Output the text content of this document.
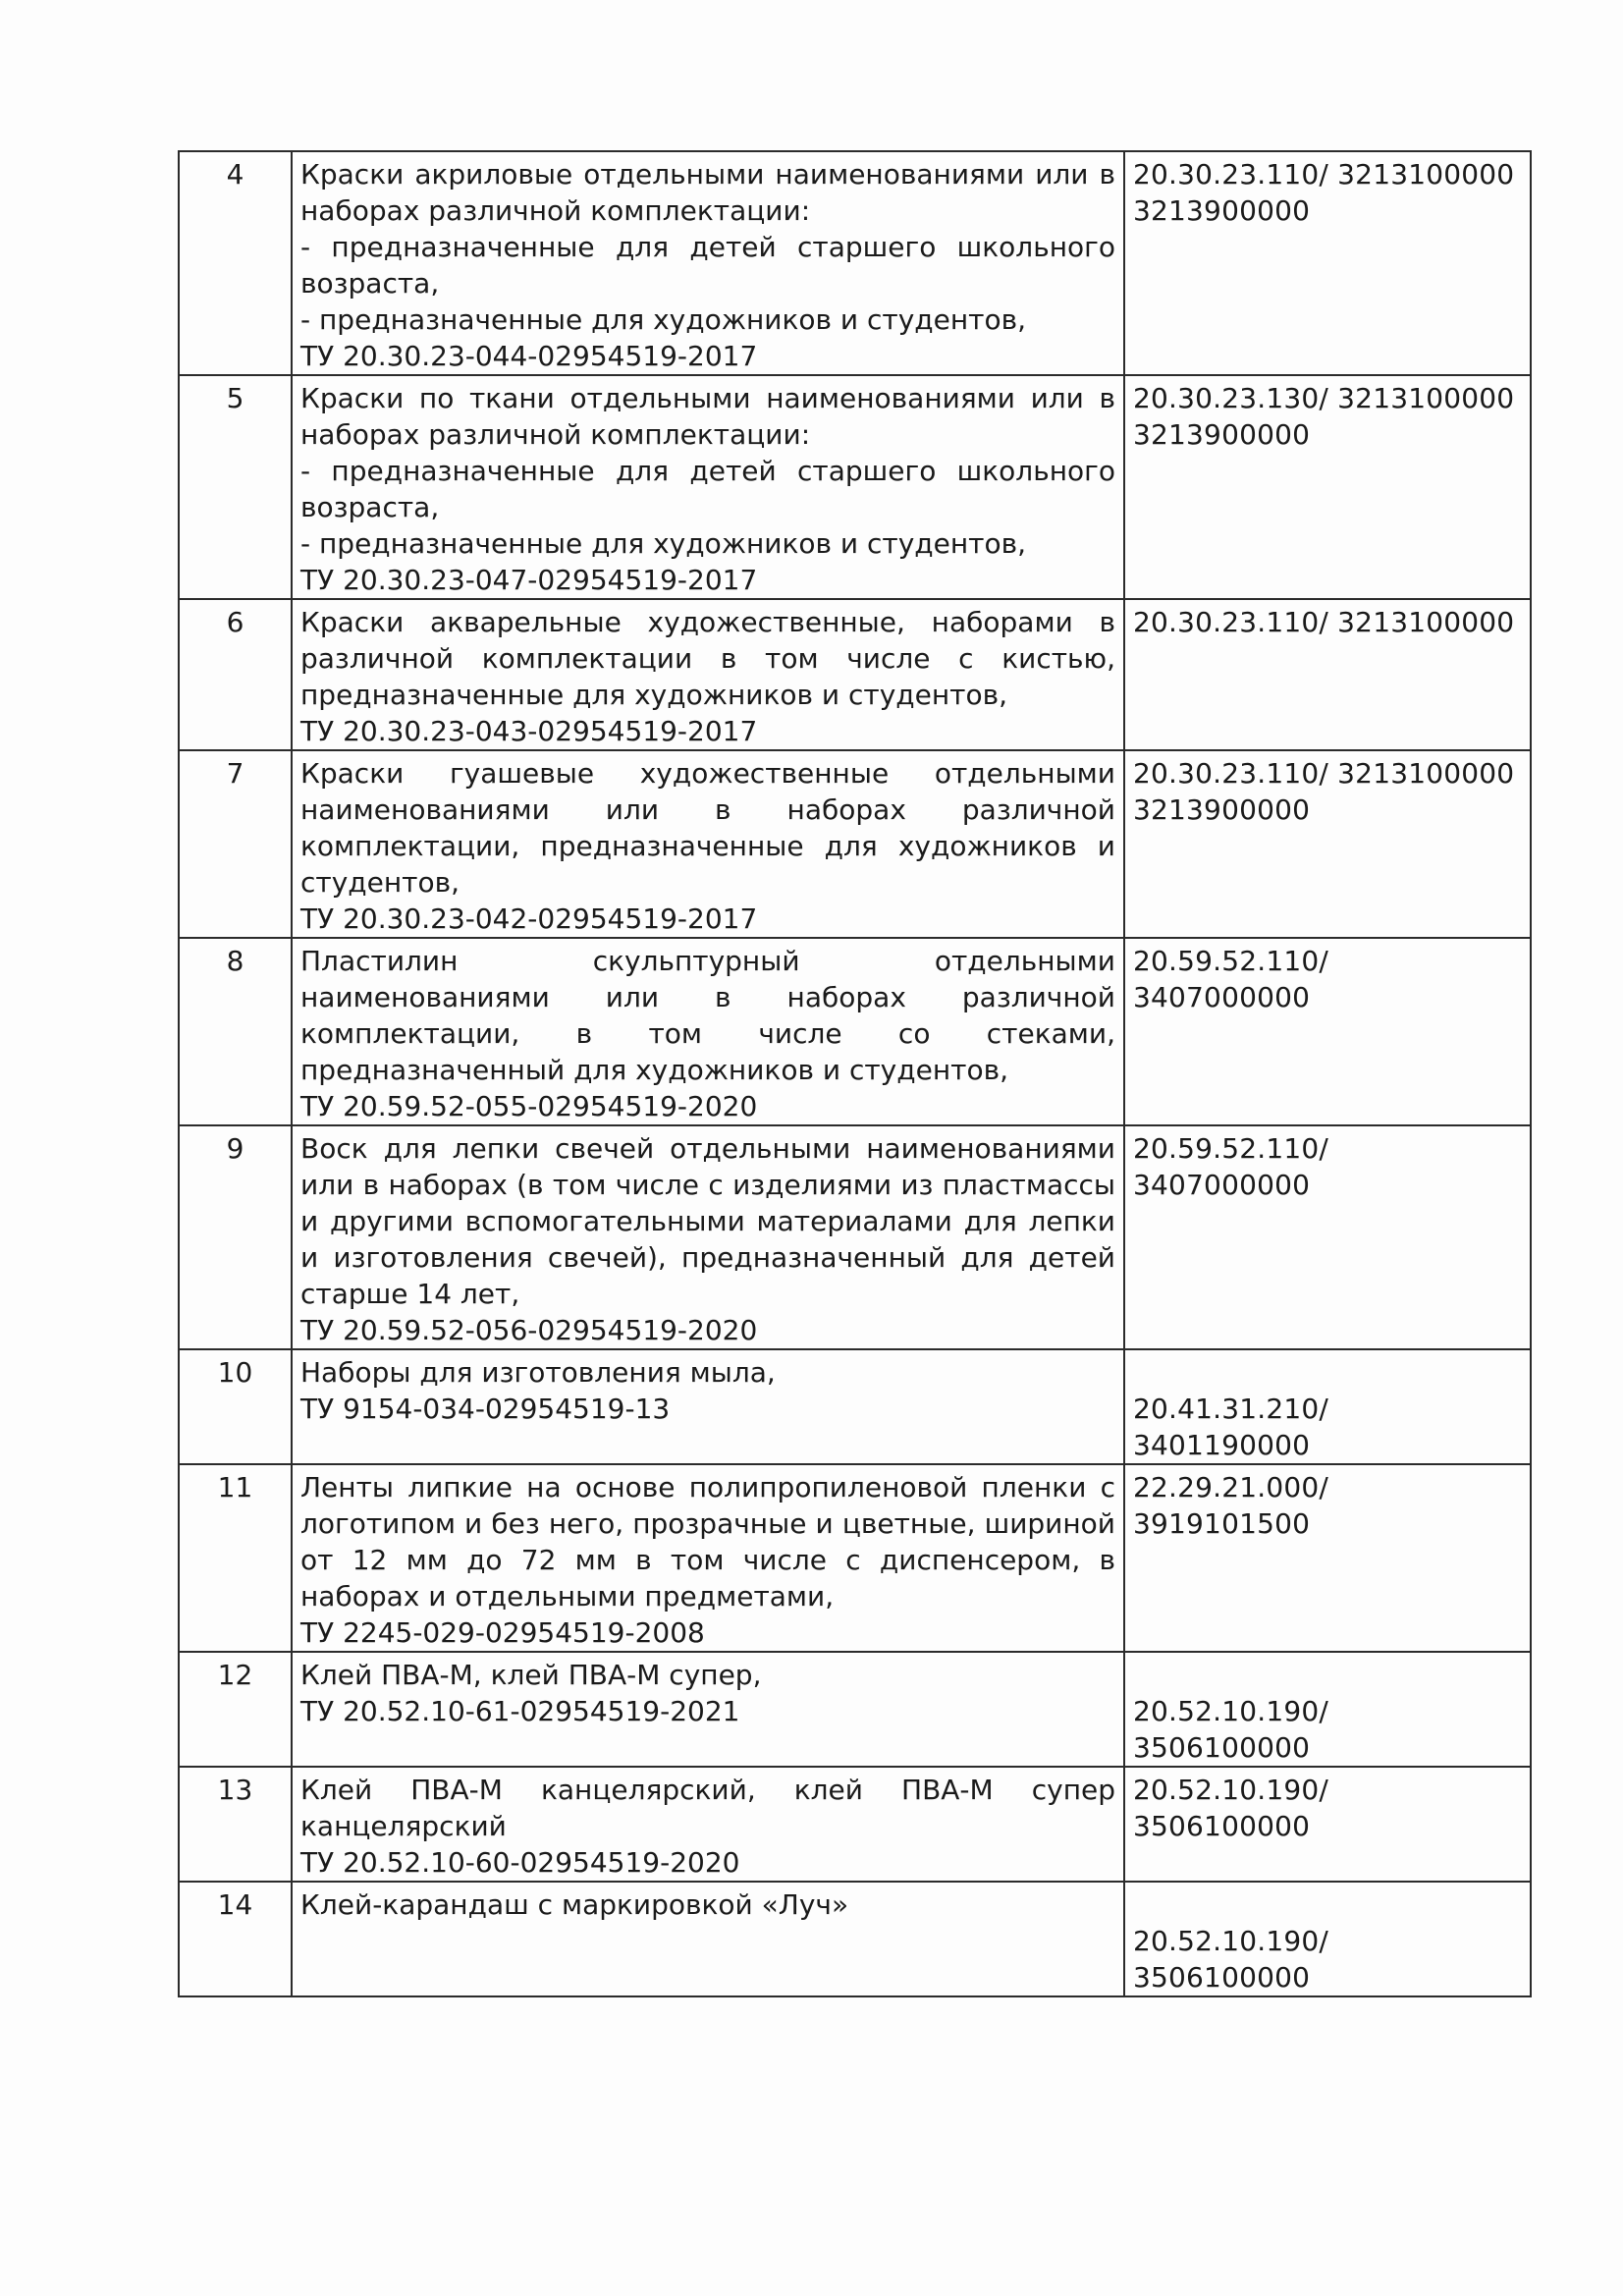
4	Краски акриловые отдельными наименованиями или в наборах различной комплектации:
- предназначенные для детей старшего школьного возраста,
- предназначенные для художников и студентов,
ТУ 20.30.23-044-02954519-2017	20.30.23.110/ 3213100000
3213900000

5	Краски по ткани отдельными наименованиями или в наборах различной комплектации:
- предназначенные для детей старшего школьного возраста,
- предназначенные для художников и студентов,
ТУ 20.30.23-047-02954519-2017	20.30.23.130/ 3213100000
3213900000

6	Краски акварельные художественные, наборами в различной комплектации в том числе с кистью, предназначенные для художников и студентов,
ТУ 20.30.23-043-02954519-2017	20.30.23.110/ 3213100000

7	Краски гуашевые художественные отдельными наименованиями или в наборах различной комплектации, предназначенные для художников и студентов,
ТУ 20.30.23-042-02954519-2017	20.30.23.110/ 3213100000
3213900000

8	Пластилин скульптурный отдельными наименованиями или в наборах различной комплектации, в том числе со стеками, предназначенный для художников и студентов,
ТУ 20.59.52-055-02954519-2020	20.59.52.110/
3407000000

9	Воск для лепки свечей отдельными наименованиями или в наборах (в том числе с изделиями из пластмассы и другими вспомогательными материалами для лепки и изготовления свечей), предназначенный для детей старше 14 лет,
ТУ 20.59.52-056-02954519-2020	20.59.52.110/
3407000000

10	Наборы для изготовления мыла,
ТУ 9154-034-02954519-13	20.41.31.210/
3401190000

11	Ленты липкие на основе полипропиленовой пленки с логотипом и без него, прозрачные и цветные, шириной от 12 мм до 72 мм в том числе с диспенсером, в наборах и отдельными предметами,
ТУ 2245-029-02954519-2008	22.29.21.000/
3919101500

12	Клей ПВА-М, клей ПВА-М супер,
ТУ 20.52.10-61-02954519-2021	20.52.10.190/
3506100000

13	Клей ПВА-М канцелярский, клей ПВА-М супер канцелярский
ТУ 20.52.10-60-02954519-2020	20.52.10.190/
3506100000

14	Клей-карандаш с маркировкой «Луч»	20.52.10.190/
3506100000
